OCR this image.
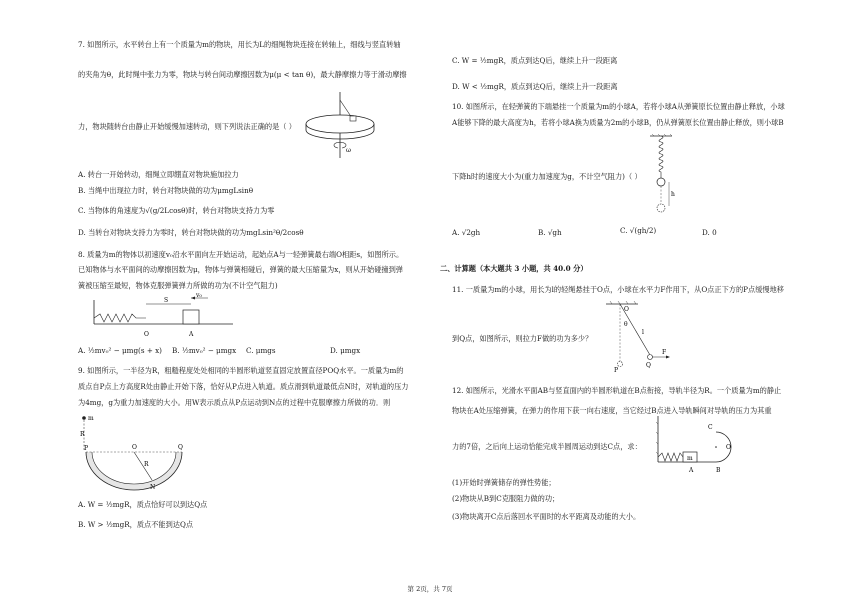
7. 如图所示，水平转台上有一个质量为m的物块，用长为L的细绳物块连接在转轴上，细线与竖直转轴
的夹角为θ，此时绳中张力为零，物块与转台间动摩擦因数为μ(μ < tan θ)，最大静摩擦力等于滑动摩擦
力，物块随转台由静止开始缓慢加速转动，则下列说法正确的是（ ）
ω
A. 转台一开始转动，细绳立即绷直对物块施加拉力
B. 当绳中出现拉力时，转台对物块做的功为μmgLsinθ
C. 当物体的角速度为√(g/2Lcosθ)时，转台对物块支持力为零
D. 当转台对物块支持力为零时，转台对物块做的功为mgLsin²θ/2cosθ
8. 质量为m的物体以初速度v₀沿水平面向左开始运动，起始点A与一轻弹簧最右端O相距s，如图所示。
已知物体与水平面间的动摩擦因数为μ，物体与弹簧相碰后，弹簧的最大压缩量为x，则从开始碰撞到弹
簧被压缩至最短，物体克服弹簧弹力所做的功为(不计空气阻力)
S
v₀
O	A
A. ½mv₀² − μmg(s + x) B. ½mv₀² − μmgx C. μmgs	D. μmgx
9. 如图所示，一半径为R，粗糙程度处处相同的半圆形轨道竖直固定放置直径POQ水平。一质量为m的
质点自P点上方高度R处由静止开始下落，恰好从P点进入轨道。质点滑到轨道最低点N时，对轨道的压力
为4mg，g为重力加速度的大小。用W表示质点从P点运动到N点的过程中克服摩擦力所做的功．则
m
R
P	O	Q
R
N
A. W = ½mgR，质点恰好可以到达Q点
B. W > ½mgR，质点不能到达Q点
C. W = ½mgR，质点到达Q后，继续上升一段距离
D. W < ½mgR，质点到达Q后，继续上升一段距离
10. 如图所示，在轻弹簧的下端悬挂一个质量为m的小球A，若将小球A从弹簧原长位置由静止释放，小球
A能够下降的最大高度为h，若将小球A换为质量为2m的小球B，仍从弹簧原长位置由静止释放，则小球B
下降h时的速度大小为(重力加速度为g，不计空气阻力)（ ）
h
A. √2gh	B. √gh	C. √(gh/2)	D. 0
二、计算题（本大题共 3 小题，共 40.0 分）
11. 一质量为m的小球，用长为l的轻绳悬挂于O点，小球在水平力F作用下，从O点正下方的P点缓慢地移
到Q点，如图所示，则拉力F做的功为多少？
O
θ
l
F
P
Q
12. 如图所示，光滑水平面AB与竖直面内的半圆形轨道在B点衔接，导轨半径为R。一个质量为m的静止
物块在A处压缩弹簧，在弹力的作用下获一向右速度，当它经过B点进入导轨瞬间对导轨的压力为其重
力的7倍，之后向上运动恰能完成半圆周运动到达C点，求：
m
C
O
A	B
(1)开始时弹簧储存的弹性势能；
(2)物块从B到C克服阻力做的功；
(3)物块离开C点后落回水平面时的水平距离及动能的大小。
第 2页，共 7页
